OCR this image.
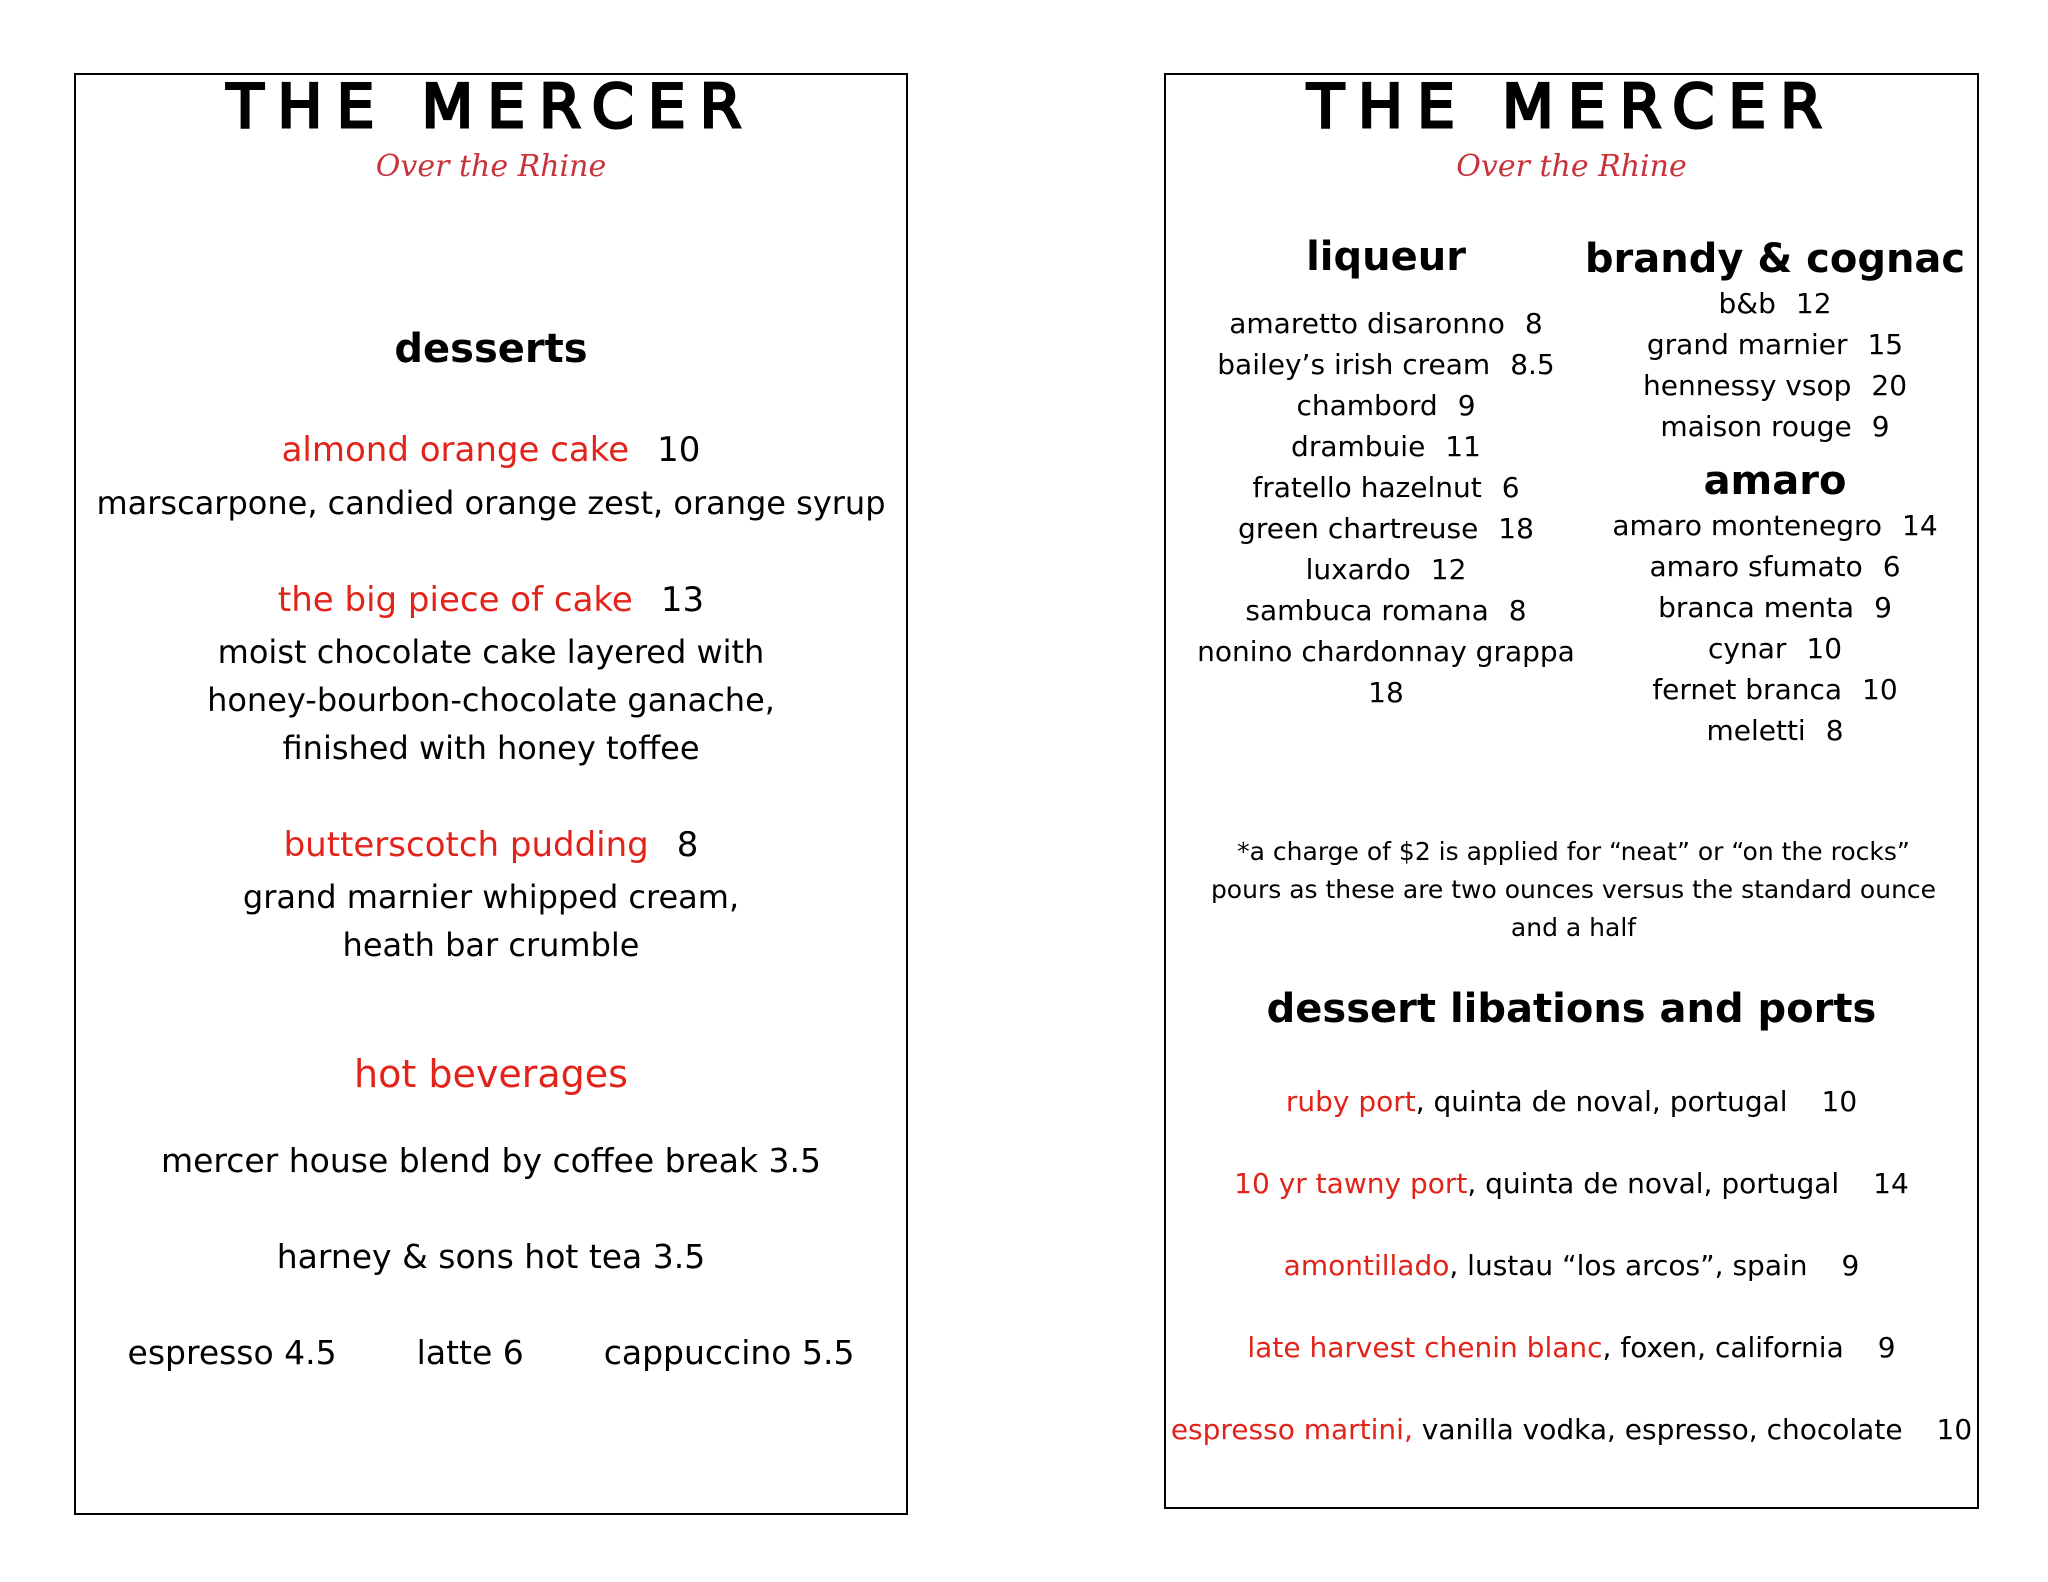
THE MERCER
Over the Rhine
desserts
almond orange cake 10
marscarpone, candied orange zest, orange syrup
the big piece of cake 13
moist chocolate cake layered with
honey-bourbon-chocolate ganache,
finished with honey toffee
butterscotch pudding 8
grand marnier whipped cream,
heath bar crumble
hot beverages
mercer house blend by coffee break 3.5
harney & sons hot tea 3.5
espresso 4.5 latte 6 cappuccino 5.5
THE MERCER
Over the Rhine
liqueur
amaretto disaronno 8
bailey’s irish cream 8.5
chambord 9
drambuie 11
fratello hazelnut 6
green chartreuse 18
luxardo 12
sambuca romana 8
nonino chardonnay grappa
18
brandy & cognac
b&b 12
grand marnier 15
hennessy vsop 20
maison rouge 9
amaro
amaro montenegro 14
amaro sfumato 6
branca menta 9
cynar 10
fernet branca 10
meletti 8
*a charge of $2 is applied for “neat” or “on the rocks”
pours as these are two ounces versus the standard ounce
and a half
dessert libations and ports
ruby port, quinta de noval, portugal 10
10 yr tawny port, quinta de noval, portugal 14
amontillado, lustau “los arcos”, spain 9
late harvest chenin blanc, foxen, california 9
espresso martini, vanilla vodka, espresso, chocolate 10
